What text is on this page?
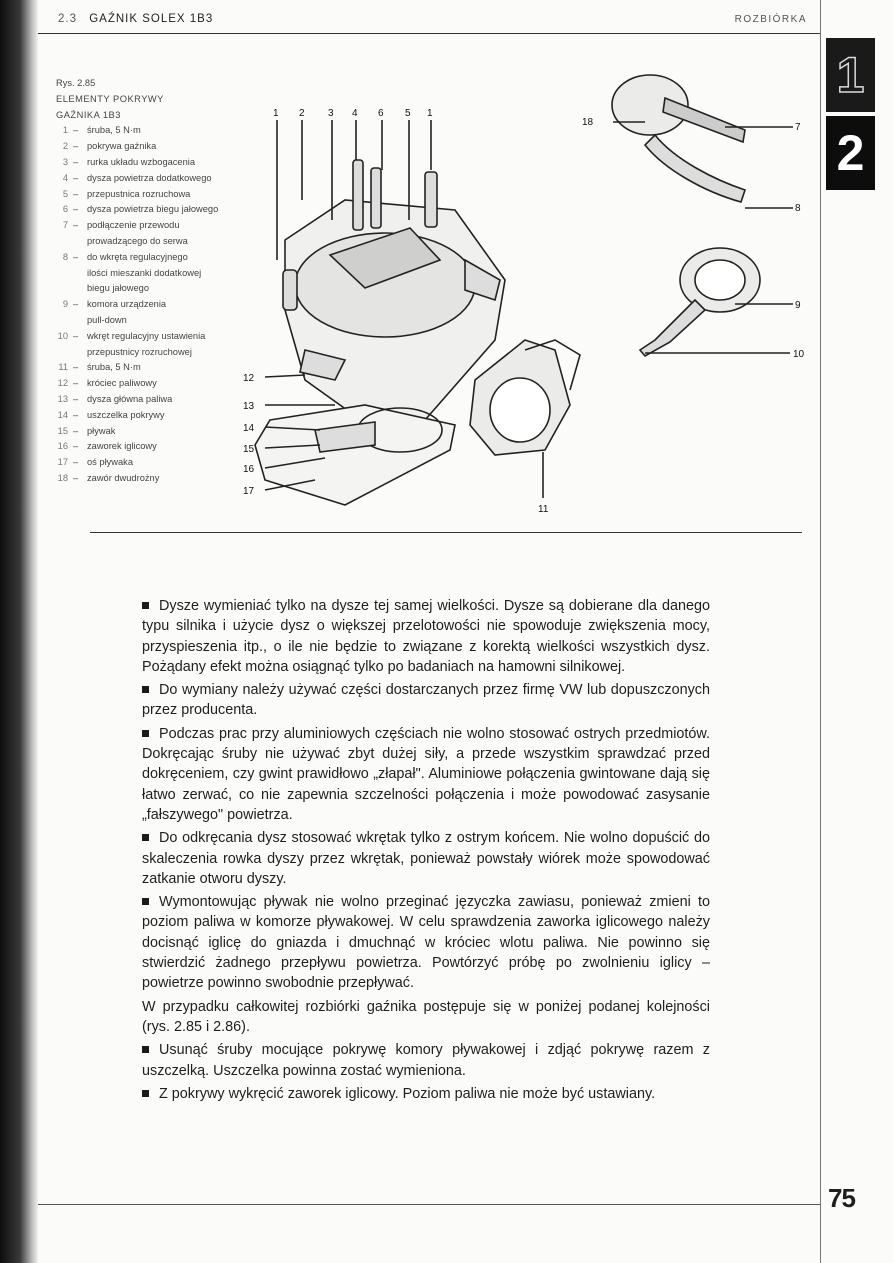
2.3 GAŹNIK SOLEX 1B3	ROZBIÓRKA
1
2
Rys. 2.85
ELEMENTY POKRYWY
GAŹNIKA 1B3
1 – śruba, 5 N·m
2 – pokrywa gaźnika
3 – rurka układu wzbogacenia
4 – dysza powietrza dodatkowego
5 – przepustnica rozruchowa
6 – dysza powietrza biegu jałowego
7 – podłączenie przewodu
prowadzącego do serwa
8 – do wkręta regulacyjnego
ilości mieszanki dodatkowej
biegu jałowego
9 – komora urządzenia
pull-down
10 – wkręt regulacyjny ustawienia
przepustnicy rozruchowej
11 – śruba, 5 N·m
12 – króciec paliwowy
13 – dysza główna paliwa
14 – uszczelka pokrywy
15 – pływak
16 – zaworek iglicowy
17 – oś pływaka
18 – zawór dwudrożny
1 2 3 4 6 5 1
18	7
8
9
10
12
13
14
15
16
17
11

Dysze wymieniać tylko na dysze tej samej wielkości. Dysze są dobierane dla danego typu silnika i użycie dysz o większej przelotowości nie spowoduje zwiększenia mocy, przyspieszenia itp., o ile nie będzie to związane z korektą wielkości wszystkich dysz. Pożądany efekt można osiągnąć tylko po badaniach na hamowni silnikowej.

Do wymiany należy używać części dostarczanych przez firmę VW lub dopuszczonych przez producenta.

Podczas prac przy aluminiowych częściach nie wolno stosować ostrych przedmiotów. Dokręcając śruby nie używać zbyt dużej siły, a przede wszystkim sprawdzać przed dokręceniem, czy gwint prawidłowo „złapał". Aluminiowe połączenia gwintowane dają się łatwo zerwać, co nie zapewnia szczelności połączenia i może powodować zasysanie „fałszywego" powietrza.

Do odkręcania dysz stosować wkrętak tylko z ostrym końcem. Nie wolno dopuścić do skaleczenia rowka dyszy przez wkrętak, ponieważ powstały wiórek może spowodować zatkanie otworu dyszy.

Wymontowując pływak nie wolno przeginać języczka zawiasu, ponieważ zmieni to poziom paliwa w komorze pływakowej. W celu sprawdzenia zaworka iglicowego należy docisnąć iglicę do gniazda i dmuchnąć w króciec wlotu paliwa. Nie powinno się stwierdzić żadnego przepływu powietrza. Powtórzyć próbę po zwolnieniu iglicy – powietrze powinno swobodnie przepływać.

W przypadku całkowitej rozbiórki gaźnika postępuje się w poniżej podanej kolejności (rys. 2.85 i 2.86).

Usunąć śruby mocujące pokrywę komory pływakowej i zdjąć pokrywę razem z uszczelką. Uszczelka powinna zostać wymieniona.

Z pokrywy wykręcić zaworek iglicowy. Poziom paliwa nie może być ustawiany.

75
